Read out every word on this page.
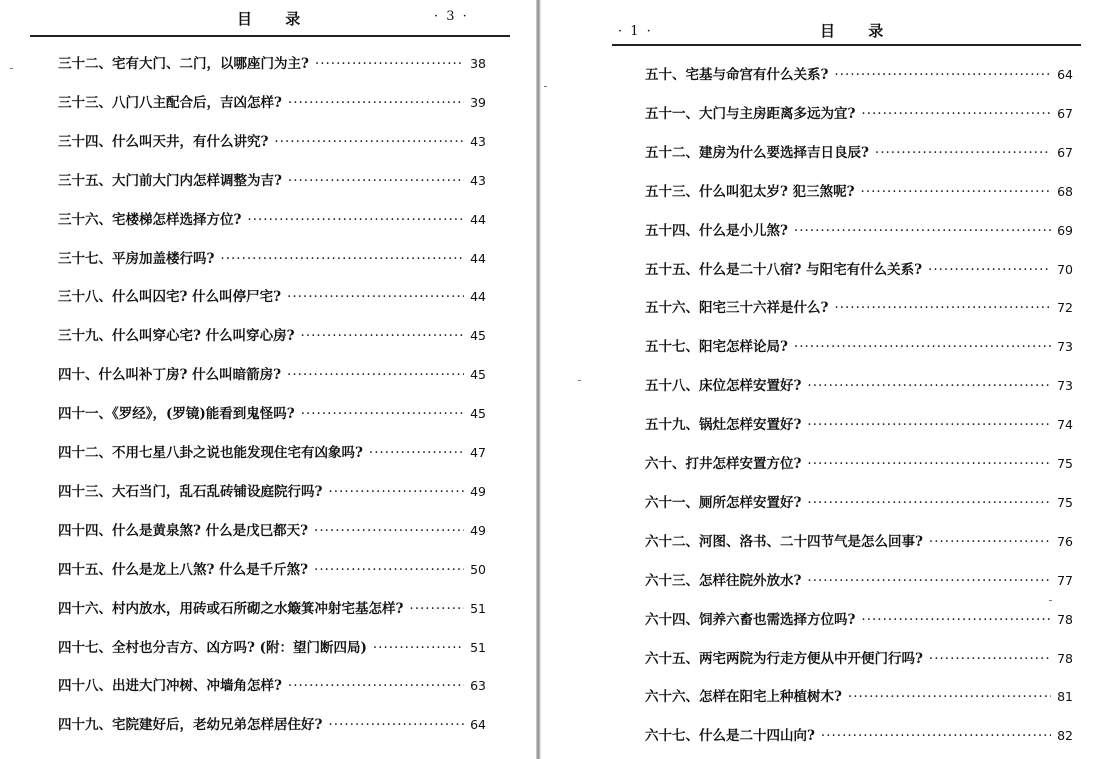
目 录	· 3 ·
三十二、宅有大门、二门，以哪座门为主? ·····	38
三十三、八门八主配合后，吉凶怎样? ·····	39
三十四、什么叫天井，有什么讲究? ·····	43
三十五、大门前大门内怎样调整为吉? ·····	43
三十六、宅楼梯怎样选择方位? ·····	44
三十七、平房加盖楼行吗? ·····	44
三十八、什么叫囚宅? 什么叫停尸宅? ·····	44
三十九、什么叫穿心宅? 什么叫穿心房? ·····	45
四十、什么叫补丁房? 什么叫暗箭房? ·····	45
四十一、《罗经》，(罗镜)能看到鬼怪吗? ·····	45
四十二、不用七星八卦之说也能发现住宅有凶象吗? ·····	47
四十三、大石当门，乱石乱砖铺设庭院行吗? ·····	49
四十四、什么是黄泉煞? 什么是戊巳都天? ·····	49
四十五、什么是龙上八煞? 什么是千斤煞? ·····	50
四十六、村内放水，用砖或石所砌之水簸箕冲射宅基怎样? ·····	51
四十七、全村也分吉方、凶方吗? (附：望门断四局) ·····	51
四十八、出进大门冲树、冲墙角怎样? ·····	63
四十九、宅院建好后，老幼兄弟怎样居住好? ·····	64
· 1 ·	目 录
五十、宅基与命宫有什么关系? ·····	64
五十一、大门与主房距离多远为宜? ·····	67
五十二、建房为什么要选择吉日良辰? ·····	67
五十三、什么叫犯太岁? 犯三煞呢? ·····	68
五十四、什么是小儿煞? ·····	69
五十五、什么是二十八宿? 与阳宅有什么关系? ·····	70
五十六、阳宅三十六祥是什么? ·····	72
五十七、阳宅怎样论局? ·····	73
五十八、床位怎样安置好? ·····	73
五十九、锅灶怎样安置好? ·····	74
六十、打井怎样安置方位? ·····	75
六十一、厕所怎样安置好? ·····	75
六十二、河图、洛书、二十四节气是怎么回事? ·····	76
六十三、怎样往院外放水? ·····	77
六十四、饲养六畜也需选择方位吗? ·····	78
六十五、两宅两院为行走方便从中开便门行吗? ·····	78
六十六、怎样在阳宅上种植树木? ·····	81
六十七、什么是二十四山向? ·····	82
